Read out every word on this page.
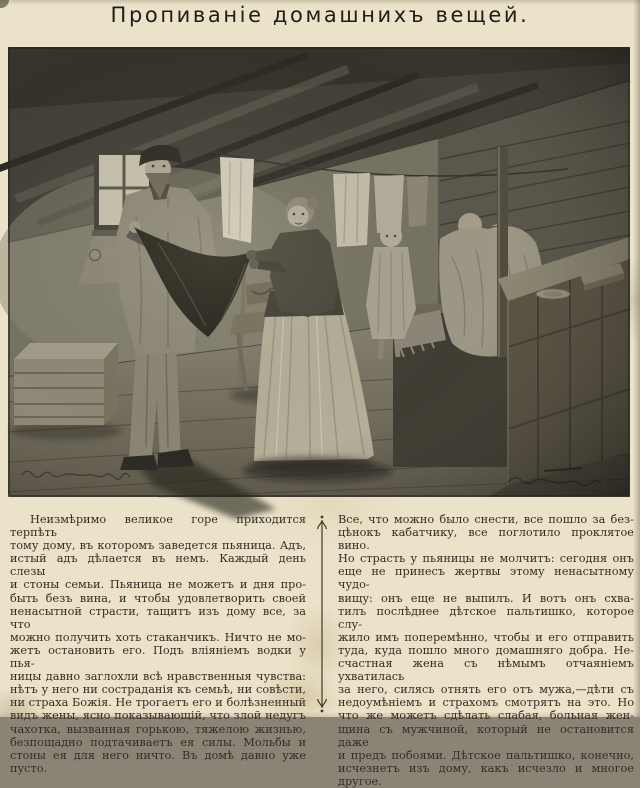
Пропиваніе домашнихъ вещей.
Неизмѣримо великое горе приходится терпѣть
тому дому, въ которомъ заведется пьяница. Адъ,
истый адъ дѣлается въ немъ. Каждый день слезы
и стоны семьи. Пьяница не можетъ и дня про-
быть безъ вина, и чтобы удовлетворить своей
ненасытной страсти, тащитъ изъ дому все, за что
можно получить хоть стаканчикъ. Ничто не мо-
жетъ остановить его. Подъ вліяніемъ водки у пья-
ницы давно заглохли всѣ нравственныя чувства:
нѣтъ у него ни состраданія къ семьѣ, ни совѣсти,
ни страха Божія. Не трогаетъ его и болѣзненный
видъ жены, ясно показывающій, что злой недугъ
чахотка, вызванная горькою, тяжелою жизнью,
безпощадно подтачиваетъ ея силы. Мольбы и
стоны ея для него ничто. Въ домѣ давно уже пусто.
Все, что можно было снести, все пошло за без-
цѣнокъ кабатчику, все поглотило проклятое вино.
Но страсть у пьяницы не молчитъ: сегодня онъ
еще не принесъ жертвы этому ненасытному чудо-
вищу: онъ еще не выпилъ. И вотъ онъ схва-
тилъ послѣднее дѣтское пальтишко, которое слу-
жило имъ поперемѣнно, чтобы и его отправить
туда, куда пошло много домашняго добра. Не-
счастная жена съ нѣмымъ отчаяніемъ ухватилась
за него, силясь отнять его отъ мужа,—дѣти съ
недоумѣніемъ и страхомъ смотрятъ на это. Но
что же можетъ сдѣлать слабая, больная жен-
щина съ мужчиной, который не остановится даже
и предъ побоями. Дѣтское пальтишко, конечно,
исчезнетъ изъ дому, какъ исчезло и многое другое.
